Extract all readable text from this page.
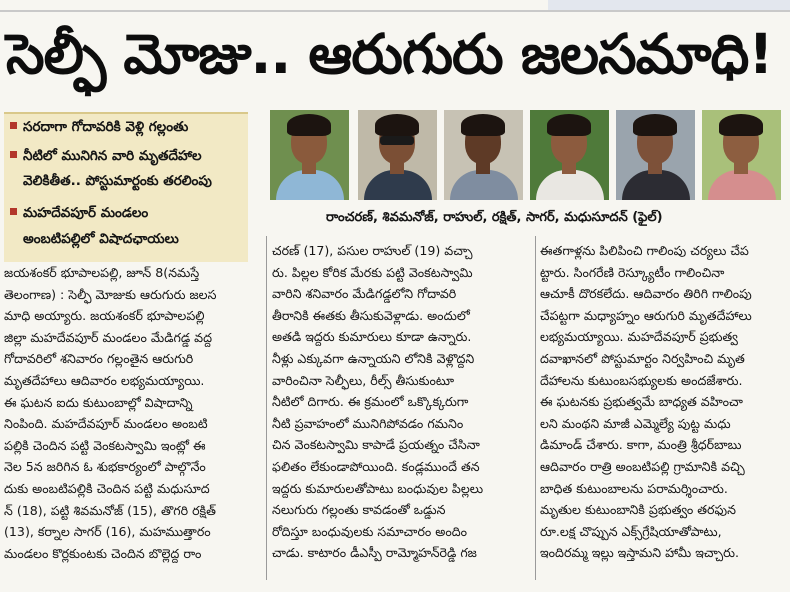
సెల్ఫీ మోజు.. ఆరుగురు జలసమాధి!
సరదాగా గోదావరికి వెళ్లి గల్లంతు
నీటిలో మునిగిన వారి మృతదేహాల
వెలికితీత.. పోస్టుమార్టంకు తరలింపు
మహదేవపూర్ మండలం
అంబటిపల్లిలో విషాదఛాయలు
రాంచరణ్, శివమనోజ్, రాహుల్, రక్షిత్, సాగర్, మధుసూదన్ (ఫైల్)
జయశంకర్ భూపాలపల్లి, జూన్ 8(నమస్తే
తెలంగాణ) : సెల్ఫీ మోజుకు ఆరుగురు జలస
మాధి అయ్యారు. జయశంకర్ భూపాలపల్లి
జిల్లా మహదేవపూర్ మండలం మేడిగడ్డ వద్ద
గోదావరిలో శనివారం గల్లంతైన ఆరుగురి
మృతదేహాలు ఆదివారం లభ్యమయ్యాయి.
ఈ ఘటన ఐదు కుటుంబాల్లో విషాదాన్ని
నింపింది. మహదేవపూర్ మండలం అంబటి
పల్లికి చెందిన పట్టి వెంకటస్వామి ఇంట్లో ఈ
నెల 5న జరిగిన ఓ శుభకార్యంలో పాల్గొనేం
దుకు అంబటిపల్లికి చెందిన పట్టి మధుసూద
న్ (18), పట్టి శివమనోజ్ (15), తొగరి రక్షిత్
(13), కర్నాల సాగర్ (16), మహముత్తారం
మండలం కొర్లకుంటకు చెందిన బొల్లెద్ద రాం
చరణ్ (17), పసుల రాహుల్ (19) వచ్చా
రు. పిల్లల కోరిక మేరకు పట్టి వెంకటస్వామి
వారిని శనివారం మేడిగడ్డలోని గోదావరి
తీరానికి ఈతకు తీసుకువెళ్లాడు. అందులో
అతడి ఇద్దరు కుమారులు కూడా ఉన్నారు.
నీళ్లు ఎక్కువగా ఉన్నాయని లోనికి వెళ్లొద్దని
వారించినా సెల్ఫీలు, రీల్స్ తీసుకుంటూ
నీటిలో దిగారు. ఈ క్రమంలో ఒక్కొక్కరుగా
నీటి ప్రవాహంలో మునిగిపోవడం గమనిం
చిన వెంకటస్వామి కాపాడే ప్రయత్నం చేసినా
ఫలితం లేకుండాపోయింది. కండ్లముందే తన
ఇద్దరు కుమారులతోపాటు బంధువుల పిల్లలు
నలుగురు గల్లంతు కావడంతో ఒడ్డున
రోదిస్తూ బంధువులకు సమాచారం అందిం
చాడు. కాటారం డీఎస్పీ రామ్మోహన్‌రెడ్డి గజ
ఈతగాళ్లను పిలిపించి గాలింపు చర్యలు చేప
ట్టారు. సింగరేణి రెస్క్యూటీం గాలించినా
ఆచూకీ దొరకలేదు. ఆదివారం తిరిగి గాలింపు
చేపట్టగా మధ్యాహ్నం ఆరుగురి మృతదేహాలు
లభ్యమయ్యాయి. మహదేవపూర్ ప్రభుత్వ
దవాఖానలో పోస్టుమార్టం నిర్వహించి మృత
దేహాలను కుటుంబసభ్యులకు అందజేశారు.
ఈ ఘటనకు ప్రభుత్వమే బాధ్యత వహించా
లని మంథని మాజీ ఎమ్మెల్యే పుట్ట మధు
డిమాండ్ చేశారు. కాగా, మంత్రి శ్రీధర్‌బాబు
ఆదివారం రాత్రి అంబటిపల్లి గ్రామానికి వచ్చి
బాధిత కుటుంబాలను పరామర్శించారు.
మృతుల కుటుంబానికి ప్రభుత్వం తరఫున
రూ.లక్ష చొప్పున ఎక్స్‌గ్రేషియాతోపాటు,
ఇందిరమ్మ ఇల్లు ఇస్తామని హామీ ఇచ్చారు.
